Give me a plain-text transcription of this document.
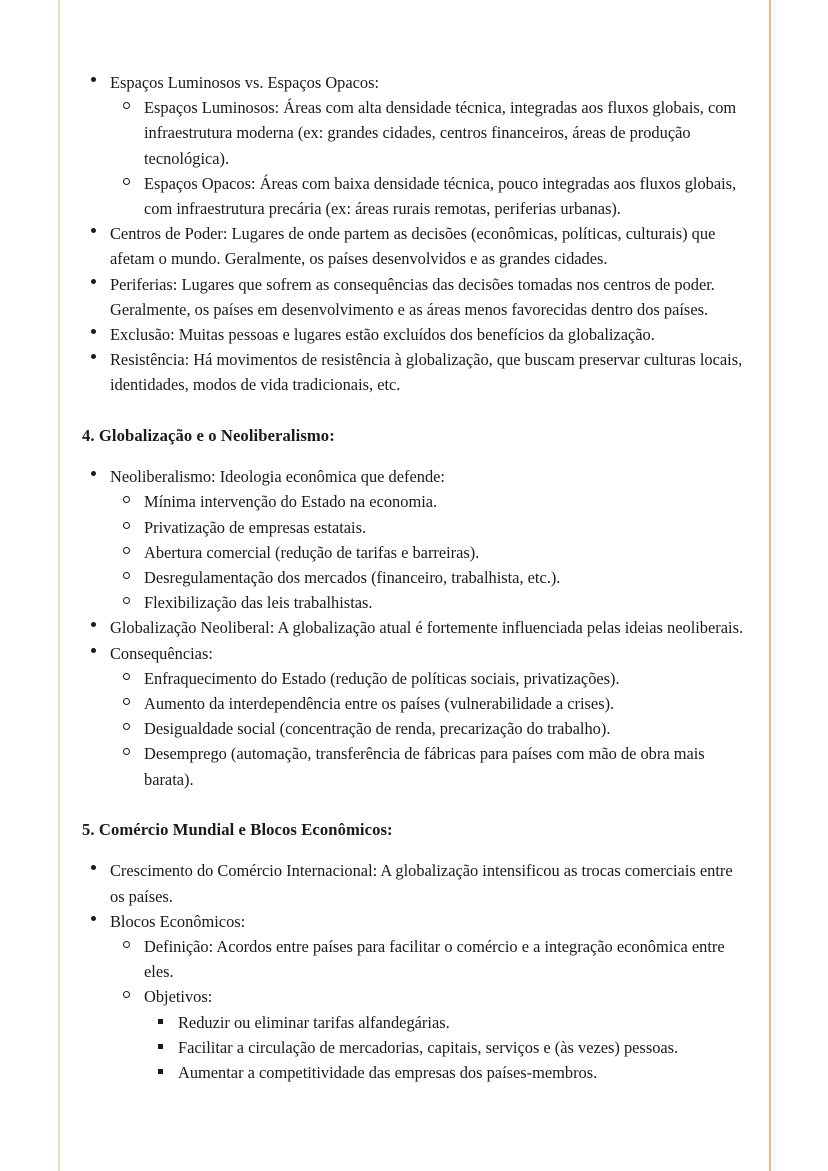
Espaços Luminosos vs. Espaços Opacos:
Espaços Luminosos: Áreas com alta densidade técnica, integradas aos fluxos globais, com infraestrutura moderna (ex: grandes cidades, centros financeiros, áreas de produção tecnológica).
Espaços Opacos: Áreas com baixa densidade técnica, pouco integradas aos fluxos globais, com infraestrutura precária (ex: áreas rurais remotas, periferias urbanas).
Centros de Poder: Lugares de onde partem as decisões (econômicas, políticas, culturais) que afetam o mundo. Geralmente, os países desenvolvidos e as grandes cidades.
Periferias: Lugares que sofrem as consequências das decisões tomadas nos centros de poder. Geralmente, os países em desenvolvimento e as áreas menos favorecidas dentro dos países.
Exclusão: Muitas pessoas e lugares estão excluídos dos benefícios da globalização.
Resistência: Há movimentos de resistência à globalização, que buscam preservar culturas locais, identidades, modos de vida tradicionais, etc.
4. Globalização e o Neoliberalismo:
Neoliberalismo: Ideologia econômica que defende:
Mínima intervenção do Estado na economia.
Privatização de empresas estatais.
Abertura comercial (redução de tarifas e barreiras).
Desregulamentação dos mercados (financeiro, trabalhista, etc.).
Flexibilização das leis trabalhistas.
Globalização Neoliberal: A globalização atual é fortemente influenciada pelas ideias neoliberais.
Consequências:
Enfraquecimento do Estado (redução de políticas sociais, privatizações).
Aumento da interdependência entre os países (vulnerabilidade a crises).
Desigualdade social (concentração de renda, precarização do trabalho).
Desemprego (automação, transferência de fábricas para países com mão de obra mais barata).
5. Comércio Mundial e Blocos Econômicos:
Crescimento do Comércio Internacional: A globalização intensificou as trocas comerciais entre os países.
Blocos Econômicos:
Definição: Acordos entre países para facilitar o comércio e a integração econômica entre eles.
Objetivos:
Reduzir ou eliminar tarifas alfandegárias.
Facilitar a circulação de mercadorias, capitais, serviços e (às vezes) pessoas.
Aumentar a competitividade das empresas dos países-membros.
